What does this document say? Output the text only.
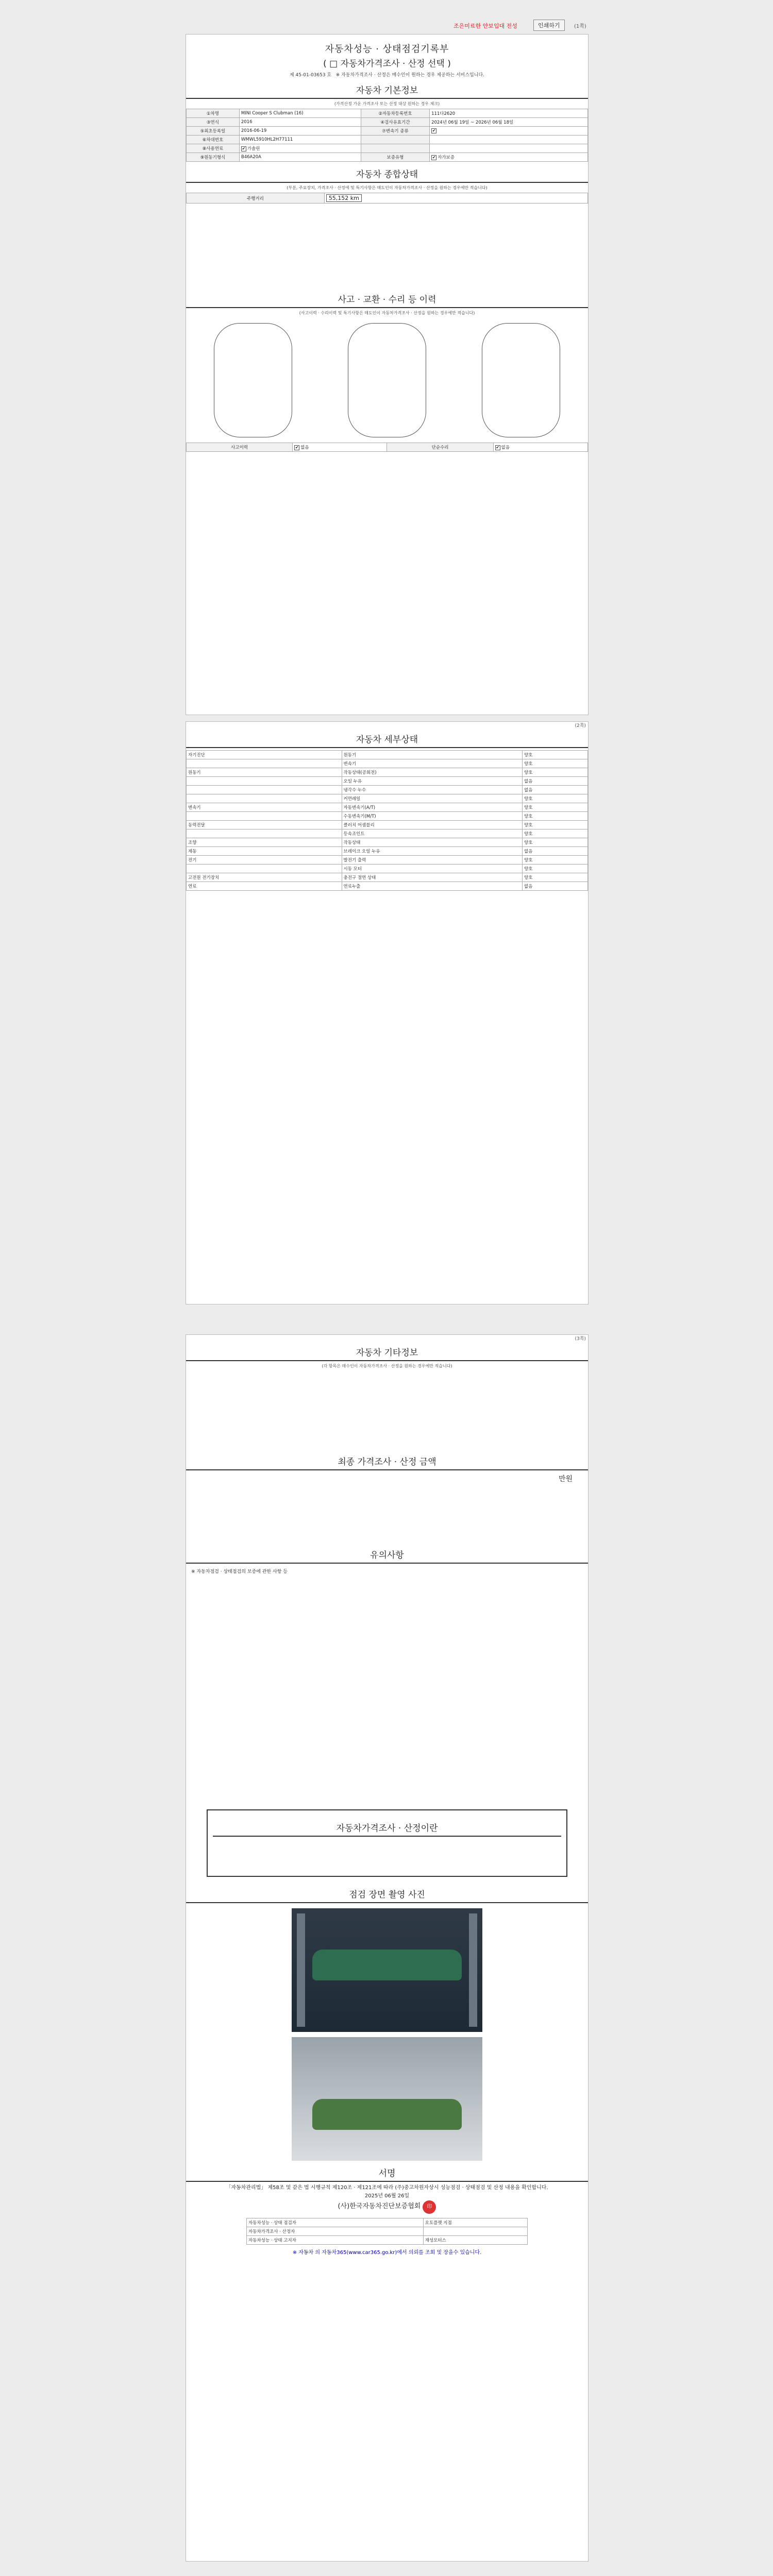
조은미료한 안보입대 전성	인쇄하기	(1쪽)
자동차성능 · 상태점검기록부
( □ 자동차가격조사 · 산정 선택 )
제 45-01-03653 호 ※ 자동차가격조사 · 산정은 매수인이 원하는 경우 제공하는 서비스입니다.
자동차 기본정보
(가격산정 가운 가격조사 또는 산정 대상 원하는 경우 체크)
①차명	MINI Cooper S Clubman (16)	②자동차등록번호	111다2620
③연식	2016	④검사유효기간	2024년 06월 19일 ~ 2026년 06월 18일
⑤최초등록일	2016-06-19	⑦변속기 종류	✔
⑥차대번호	WMWL5910HL2H77111		
⑧사용연료	✔가솔린		
⑨원동기형식	B46A20A	보증유형	✔자가보증
자동차 종합상태
(부분, 주요장치, 가격조사 · 산정에 및 특기사항은 매도인이 자동차가격조사 · 산정을 원하는 경우에만 적습니다)
주행거리	55,152 km
사고 · 교환 · 수리 등 이력
(사고이력 · 수리이력 및 특기사항은 매도인이 자동차가격조사 · 산정을 원하는 경우에만 적습니다)
사고이력	✔없음	단순수리	✔없음
(2쪽)
자동차 세부상태
자기진단	원동기	양호
	변속기	양호
원동기	작동상태(공회전)	양호
	오일 누유	없음
	냉각수 누수	없음
	커먼레일	양호
변속기	자동변속기(A/T)	양호
	수동변속기(M/T)	양호
동력전달	클러치 어셈블리	양호
	등속조인트	양호
조향	작동상태	양호
제동	브레이크 오일 누유	없음
전기	발전기 출력	양호
	시동 모터	양호
고전원 전기장치	충전구 절연 상태	양호
연료	연료누출	없음
(3쪽)
자동차 기타정보
(각 항목은 매수인이 자동차가격조사 · 산정을 원하는 경우에만 적습니다)
최종 가격조사 · 산정 금액
만원
유의사항
※ 자동차점검 · 상태점검의 보증에 관한 사항 등
자동차가격조사 · 산정이란
점검 장면 촬영 사진
서명
「자동차관리법」 제58조 및 같은 법 시행규칙 제120조 · 제121조에 따라 (주)중고차원자상시 성능점검 · 상태점검 및 산정 내용을 확인합니다.
2025년 06월 26일
(사)한국자동차진단보증협회 印
자동차성능 · 상태 점검자	오토플랫 지점
자동차가격조사 · 산정자	
자동차성능 · 상태 고지자	재성모터스
※ 자동차 의 자동차365(www.car365.go.kr)에서 의뢰를 조회 및 장을수 있습니다.
